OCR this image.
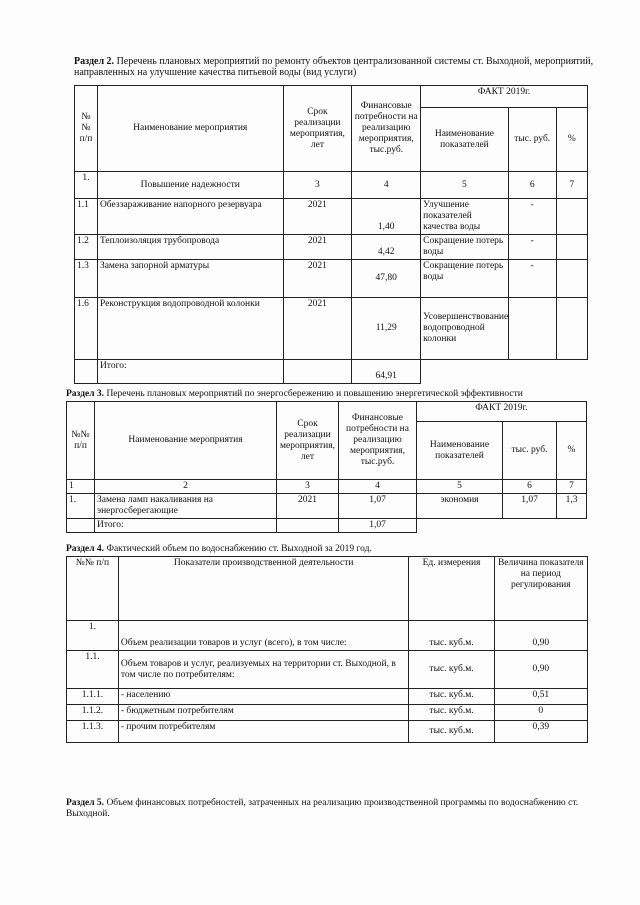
Раздел 2. Перечень плановых мероприятий по ремонту объектов централизованной системы ст. Выходной, мероприятий, направленных на улучшение качества питьевой воды (вид услуги)
№№ п/п	Наименование мероприятия	Срок реализации мероприятия, лет	Финансовые потребности на реализацию мероприятия, тыс.руб.	ФАКТ 2019г.		
				Наименование показателей	тыс. руб.	%
1.	Повышение надежности	3	4	5	6	7
1.1	Обеззараживание напорного резервуара	2021	1,40	Улучшение показателей качества воды	-	
1.2	Теплоизоляция трубопровода	2021	4,42	Сокращение потерь воды	-	
1.3	Замена запорной арматуры	2021	47,80	Сокращение потерь воды	-	
1.6	Реконструкция водопроводной колонки	2021	11,29	Усовершенствование водопроводной колонки		
	Итого:		64,91			
Раздел 3. Перечень плановых мероприятий по энергосбережению и повышению энергетической эффективности
№№ п/п	Наименование мероприятия	Срок реализации мероприятия, лет	Финансовые потребности на реализацию мероприятия, тыс.руб.	ФАКТ 2019г.		
				Наименование показателей	тыс. руб.	%
1	2	3	4	5	6	7
1.	Замена ламп накаливания на энергосберегающие	2021	1,07	экономия	1,07	1,3
	Итого:		1,07			
Раздел 4. Фактический объем по водоснабжению ст. Выходной за 2019 год.
№№ п/п	Показатели производственной деятельности	Ед. измерения	Величина показателя на период регулирования
1.	Объем реализации товаров и услуг (всего), в том числе:	тыс. куб.м.	0,90
1.1.	Объем товаров и услуг, реализуемых на территории ст. Выходной, в том числе по потребителям:	тыс. куб.м.	0,90
1.1.1.	- населению	тыс. куб.м.	0,51
1.1.2.	- бюджетным потребителям	тыс. куб.м.	0
1.1.3.	- прочим потребителям	тыс. куб.м.	0,39
Раздел 5. Объем финансовых потребностей, затраченных на реализацию производственной программы по водоснабжению ст. Выходной.
